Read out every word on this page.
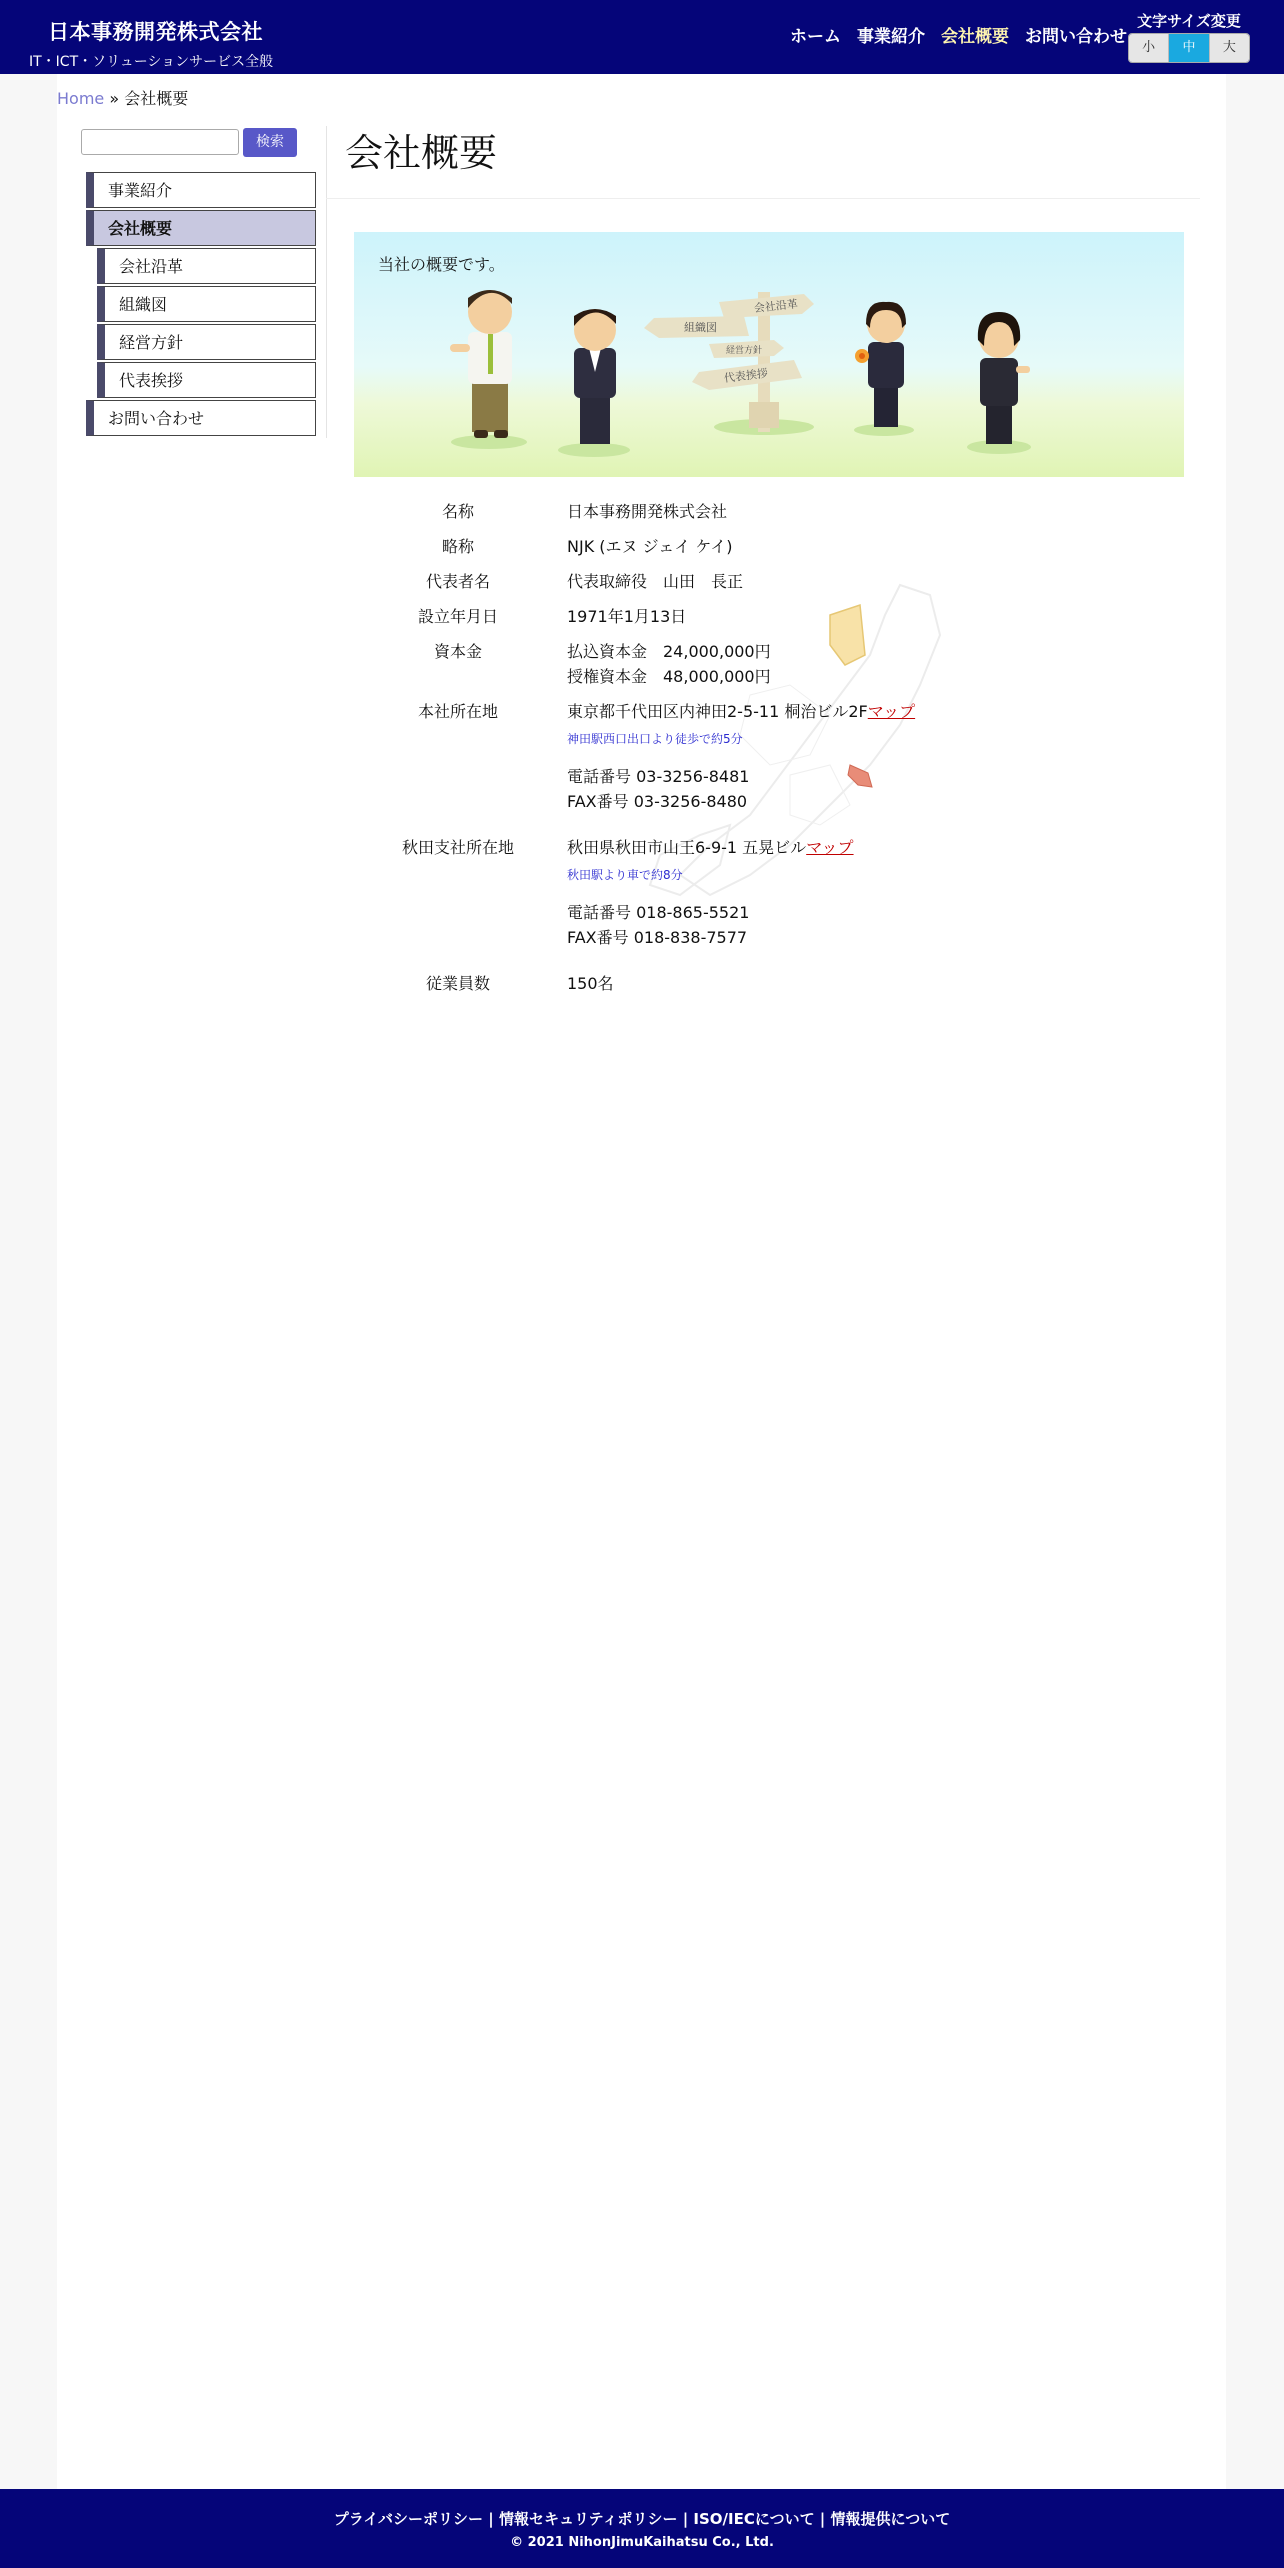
日本事務開発株式会社
IT・ICT・ソリューションサービス全般
ホーム 事業紹介 会社概要 お問い合わせ
文字サイズ変更
小	中	大
Home » 会社概要
検索
事業紹介
会社概要
会社沿革
組織図
経営方針
代表挨拶
お問い合わせ
会社概要
当社の概要です。
会社沿革
組織図
経営方針
代表挨拶
名称	日本事務開発株式会社
略称	NJK (エヌ ジェイ ケイ)
代表者名	代表取締役　山田　長正
設立年月日	1971年1月13日
資本金	払込資本金　24,000,000円
授権資本金　48,000,000円
本社所在地	東京都千代田区内神田2-5-11 桐治ビル2Fマップ
神田駅西口出口より徒歩で約5分
電話番号 03-3256-8481
FAX番号 03-3256-8480
秋田支社所在地	秋田県秋田市山王6-9-1 五晃ビルマップ
秋田駅より車で約8分
電話番号 018-865-5521
FAX番号 018-838-7577
従業員数	150名
プライバシーポリシー | 情報セキュリティポリシー | ISO/IECについて | 情報提供について
© 2021 NihonJimuKaihatsu Co., Ltd.
